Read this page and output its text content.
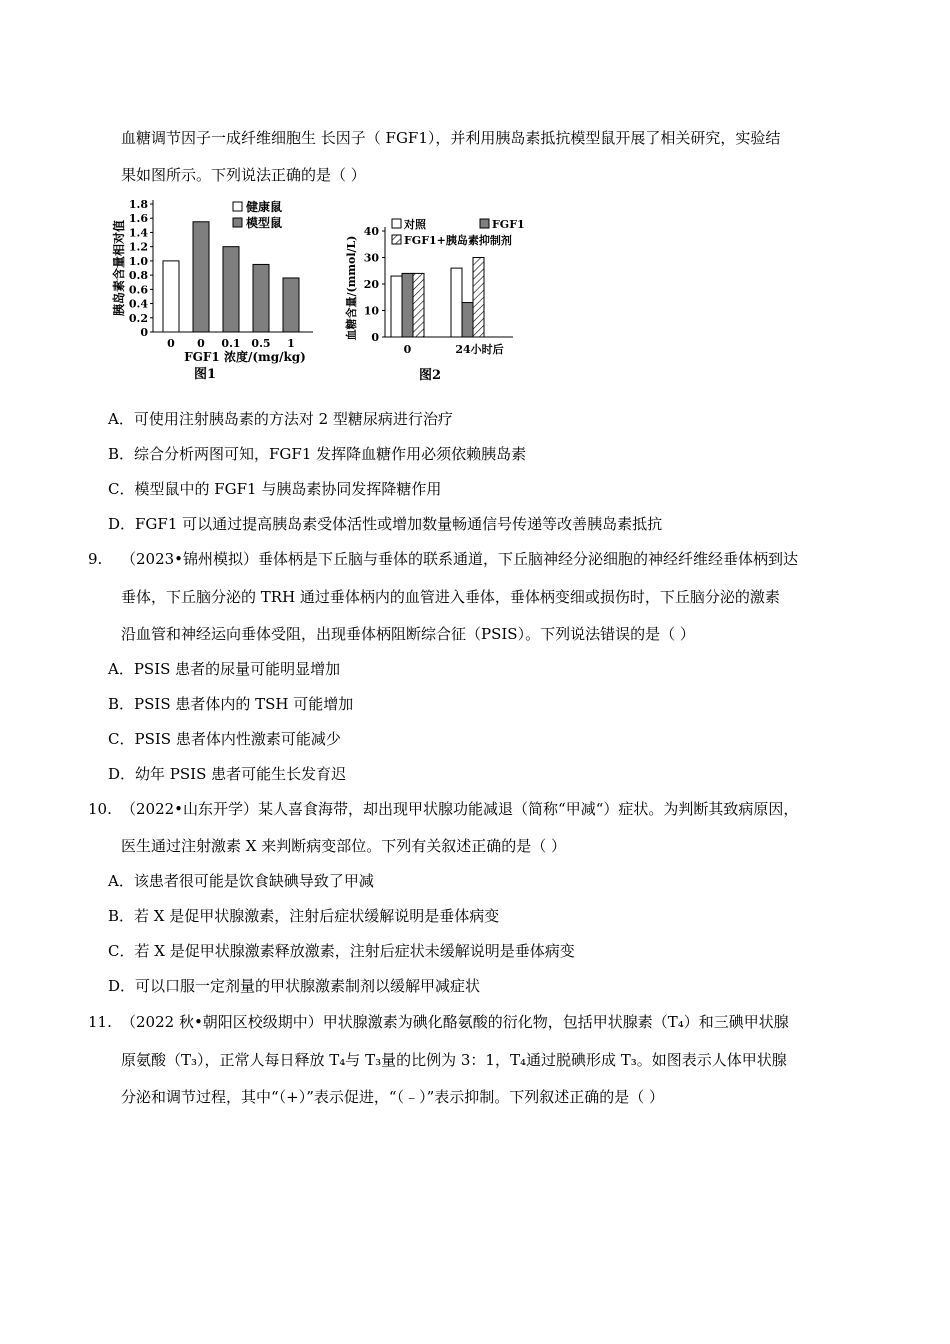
血糖调节因子一成纤维细胞生 长因子（ FGF1），并利用胰岛素抵抗模型鼠开展了相关研究，实验结
果如图所示。下列说法正确的是（ ）
胰岛素含量相对值
0
0.2
0.4
0.6
0.8
1.0
1.2
1.4
1.6
1.8
0 0 0.1 0.5 1
健康鼠
模型鼠
FGF1 浓度/(mg/kg)
图1
血糖含量/(mmol/L) 0
10
20
30
40
0	24小时后
对照	FGF1
FGF1+胰岛素抑制剂
图2
A．可使用注射胰岛素的方法对 2 型糖尿病进行治疗
B．综合分析两图可知，FGF1 发挥降血糖作用必须依赖胰岛素
C．模型鼠中的 FGF1 与胰岛素协同发挥降糖作用
D．FGF1 可以通过提高胰岛素受体活性或增加数量畅通信号传递等改善胰岛素抵抗
9. （2023•锦州模拟）垂体柄是下丘脑与垂体的联系通道，下丘脑神经分泌细胞的神经纤维经垂体柄到达
垂体，下丘脑分泌的 TRH 通过垂体柄内的血管进入垂体，垂体柄变细或损伤时，下丘脑分泌的激素
沿血管和神经运向垂体受阻，出现垂体柄阻断综合征（PSIS）。下列说法错误的是（ ）
A．PSIS 患者的尿量可能明显增加
B．PSIS 患者体内的 TSH 可能增加
C．PSIS 患者体内性激素可能减少
D．幼年 PSIS 患者可能生长发育迟
10. （2022•山东开学）某人喜食海带，却出现甲状腺功能减退（简称“甲减“）症状。为判断其致病原因，
医生通过注射激素 X 来判断病变部位。下列有关叙述正确的是（ ）
A．该患者很可能是饮食缺碘导致了甲减
B．若 X 是促甲状腺激素，注射后症状缓解说明是垂体病变
C．若 X 是促甲状腺激素释放激素，注射后症状未缓解说明是垂体病变
D．可以口服一定剂量的甲状腺激素制剂以缓解甲减症状
11. （2022 秋•朝阳区校级期中）甲状腺激素为碘化酪氨酸的衍化物，包括甲状腺素（T₄）和三碘甲状腺
原氨酸（T₃），正常人每日释放 T₄与 T₃量的比例为 3：1，T₄通过脱碘形成 T₃。如图表示人体甲状腺
分泌和调节过程，其中“（+）”表示促进，“（﹣）”表示抑制。下列叙述正确的是（ ）
